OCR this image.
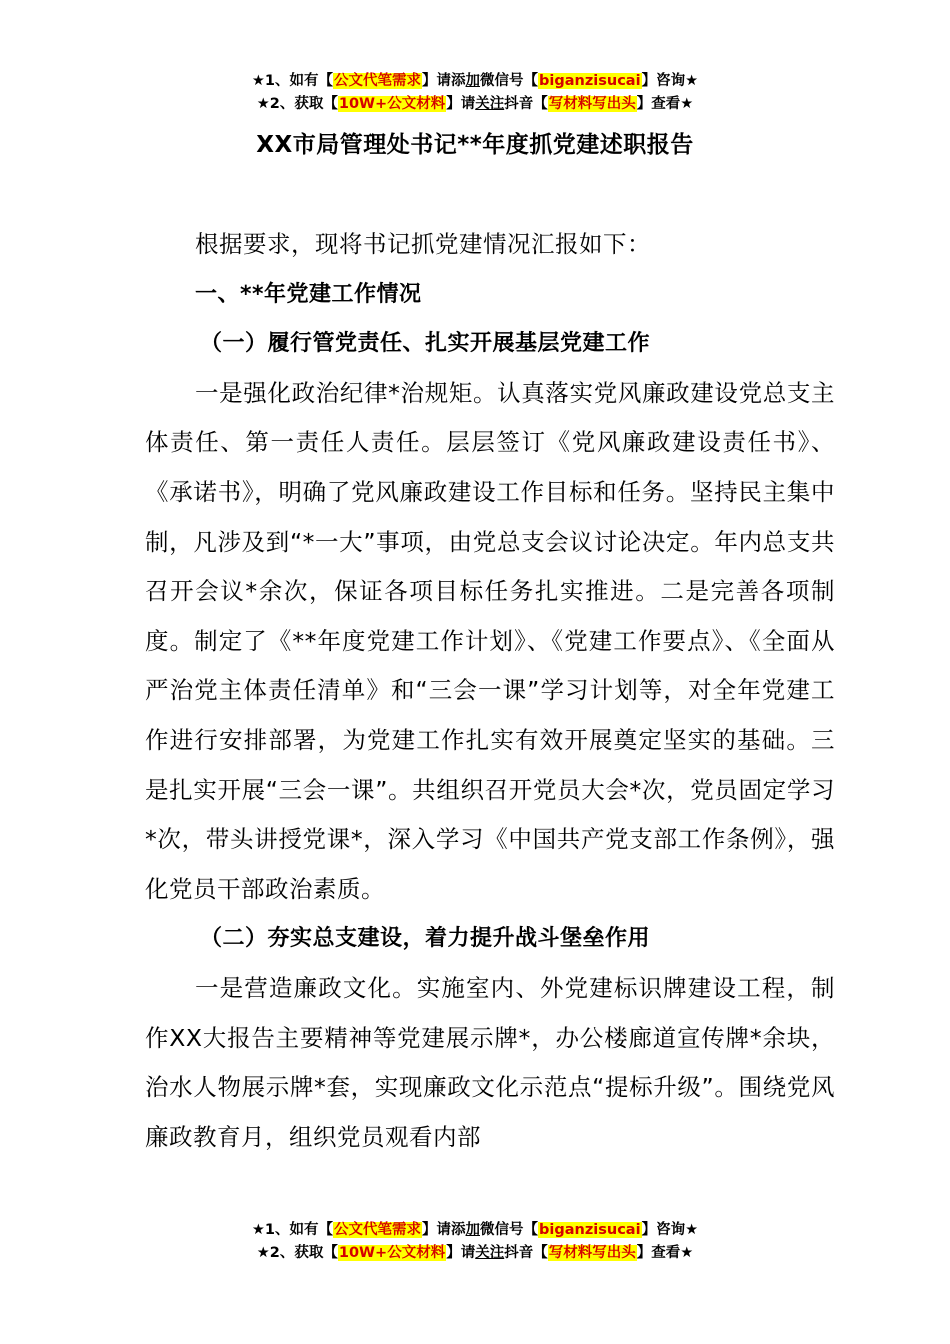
★1、如有【公文代笔需求】请添加微信号【biganzisucai】咨询★
★2、获取【10W+公文材料】请关注抖音【写材料写出头】查看★
XX市局管理处书记**年度抓党建述职报告

根据要求，现将书记抓党建情况汇报如下：

一、**年党建工作情况

（一）履行管党责任、扎实开展基层党建工作

一是强化政治纪律*治规矩。认真落实党风廉政建设党总支主体责任、第一责任人责任。层层签订《党风廉政建设责任书》、《承诺书》，明确了党风廉政建设工作目标和任务。坚持民主集中制，凡涉及到“*一大”事项，由党总支会议讨论决定。年内总支共召开会议*余次，保证各项目标任务扎实推进。二是完善各项制度。制定了《**年度党建工作计划》、《党建工作要点》、《全面从严治党主体责任清单》和“三会一课”学习计划等，对全年党建工作进行安排部署，为党建工作扎实有效开展奠定坚实的基础。三是扎实开展“三会一课”。共组织召开党员大会*次，党员固定学习*次，带头讲授党课*，深入学习《中国共产党支部工作条例》，强化党员干部政治素质。

（二）夯实总支建设，着力提升战斗堡垒作用

一是营造廉政文化。实施室内、外党建标识牌建设工程，制作XX大报告主要精神等党建展示牌*，办公楼廊道宣传牌*余块，治水人物展示牌*套，实现廉政文化示范点“提标升级”。围绕党风廉政教育月，组织党员观看内部

★1、如有【公文代笔需求】请添加微信号【biganzisucai】咨询★
★2、获取【10W+公文材料】请关注抖音【写材料写出头】查看★
